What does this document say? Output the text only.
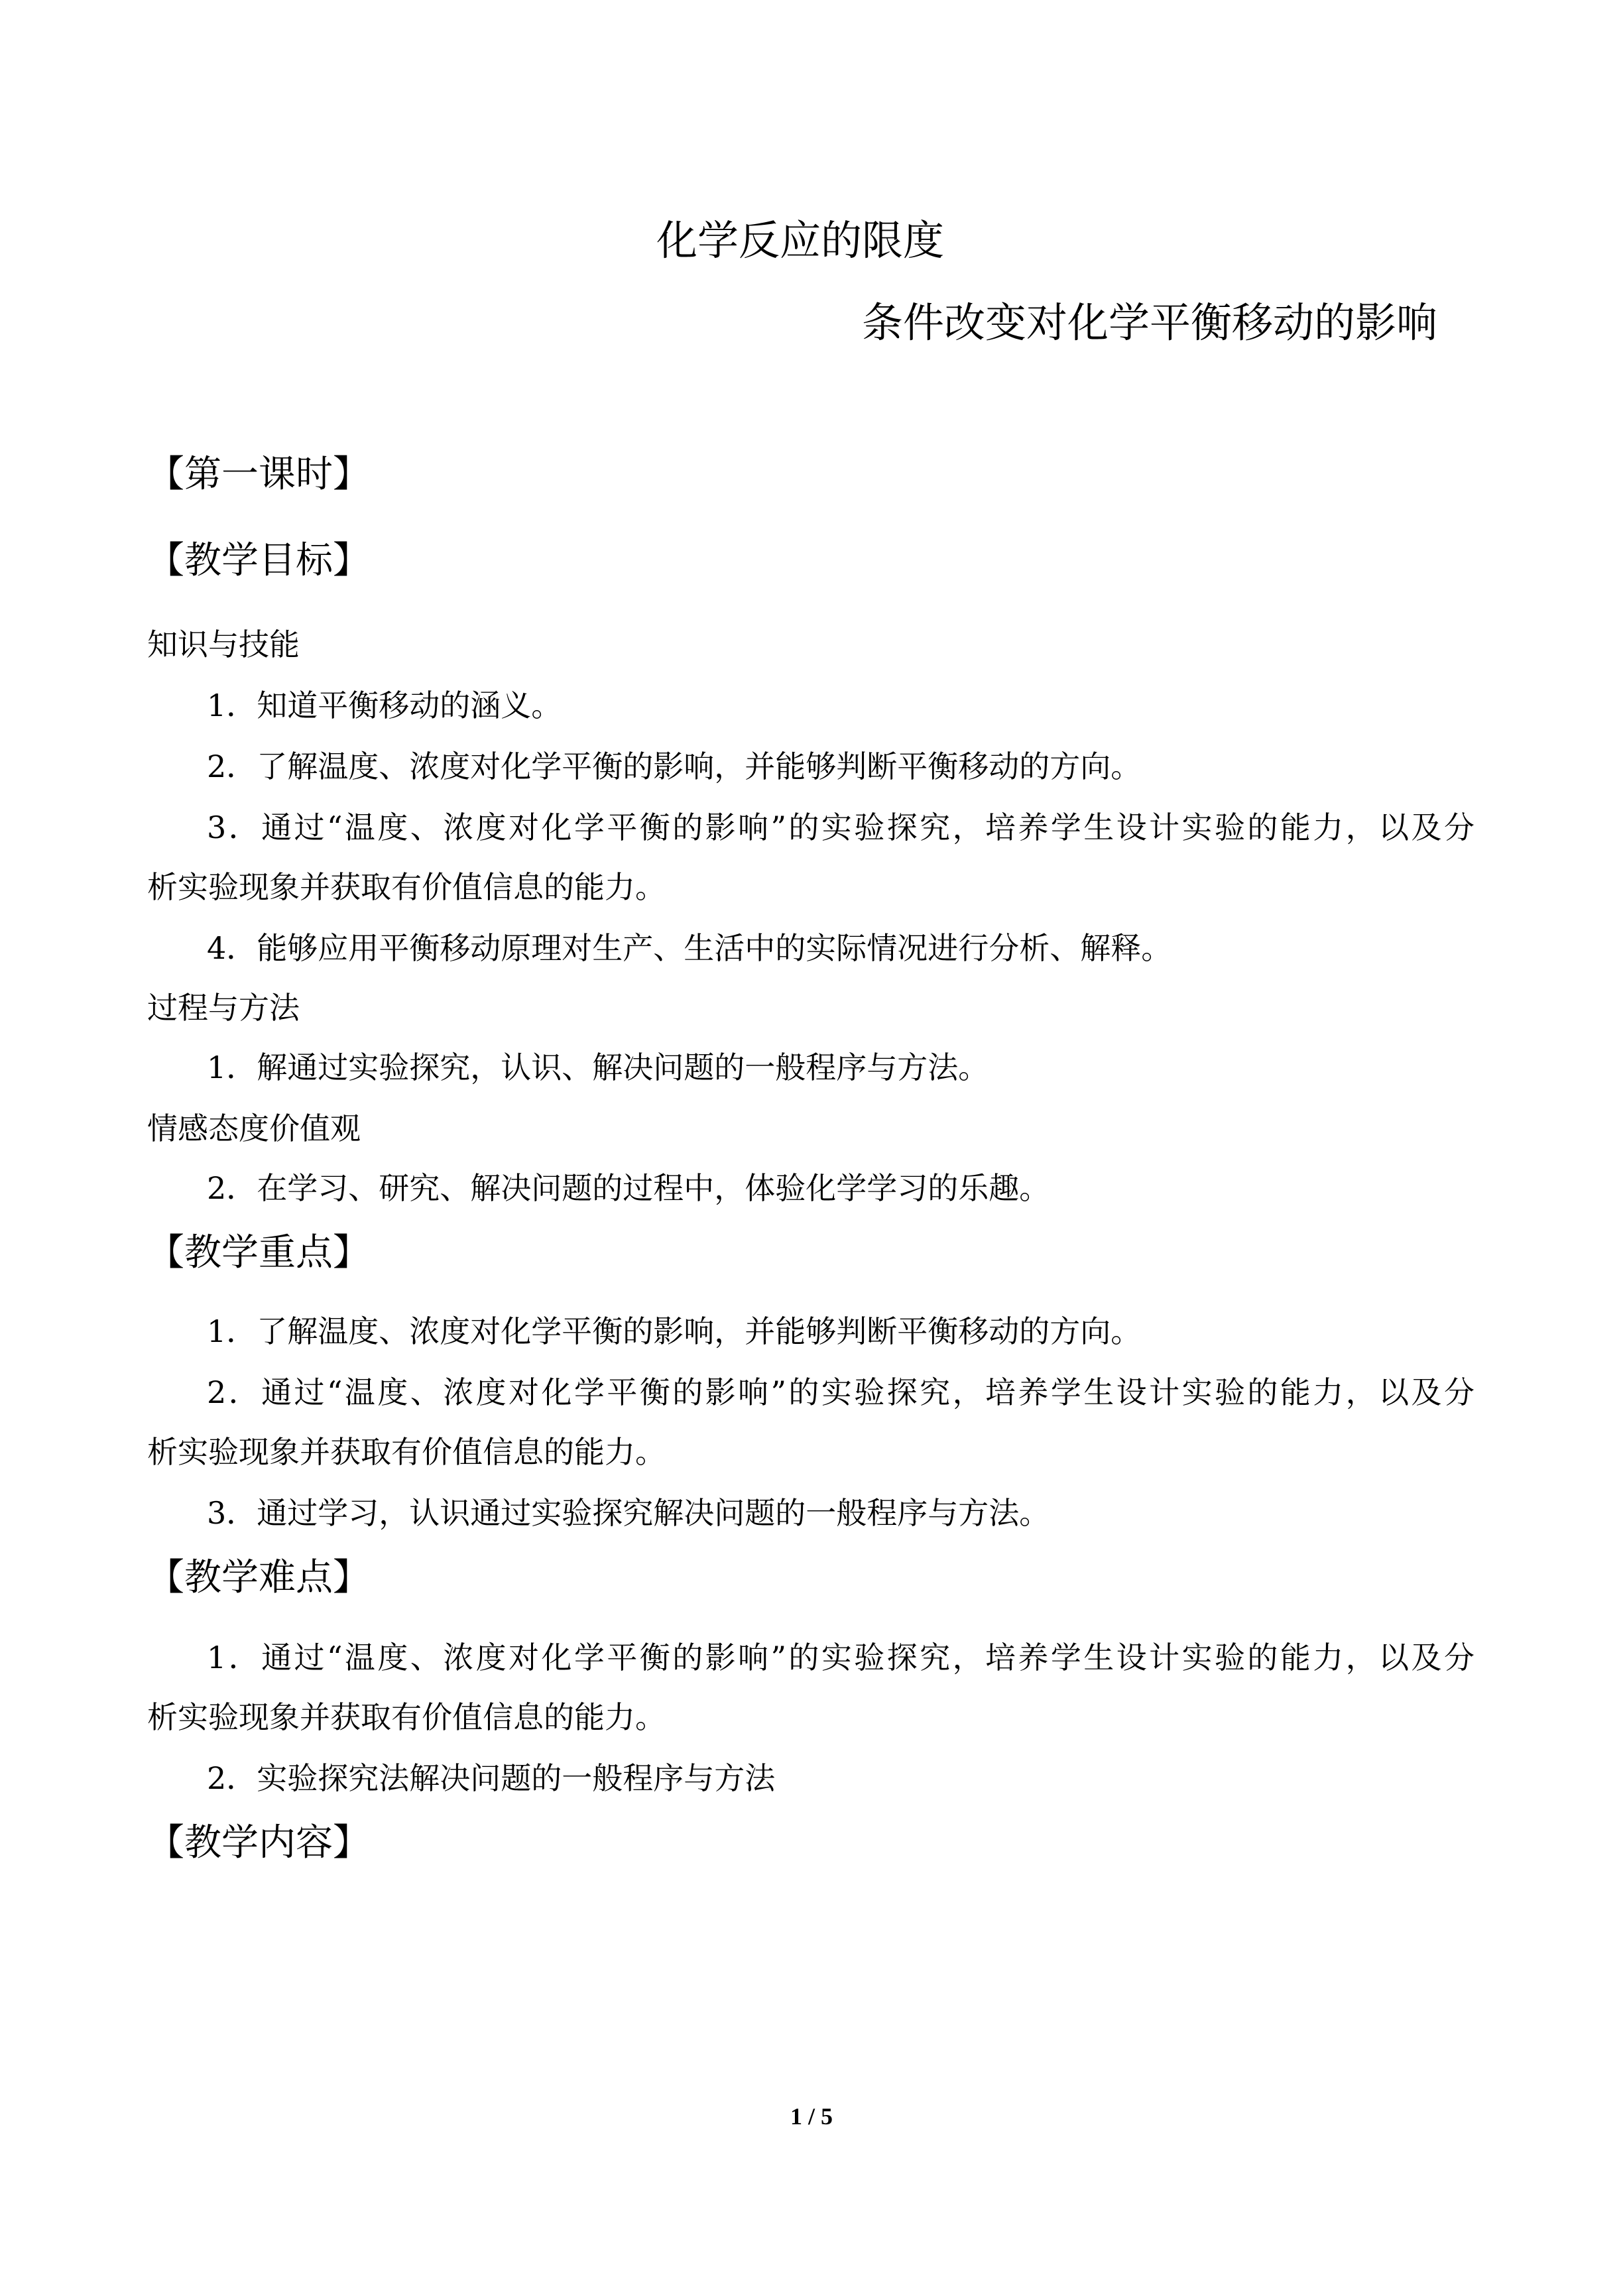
化学反应的限度
条件改变对化学平衡移动的影响
【第一课时】
【教学目标】
知识与技能
1．知道平衡移动的涵义。
2．了解温度、浓度对化学平衡的影响，并能够判断平衡移动的方向。
3．通过“温度、浓度对化学平衡的影响”的实验探究，培养学生设计实验的能力，以及分
析实验现象并获取有价值信息的能力。
4．能够应用平衡移动原理对生产、生活中的实际情况进行分析、解释。
过程与方法
1．解通过实验探究，认识、解决问题的一般程序与方法。
情感态度价值观
2．在学习、研究、解决问题的过程中，体验化学学习的乐趣。
【教学重点】
1．了解温度、浓度对化学平衡的影响，并能够判断平衡移动的方向。
2．通过“温度、浓度对化学平衡的影响”的实验探究，培养学生设计实验的能力，以及分
析实验现象并获取有价值信息的能力。
3．通过学习，认识通过实验探究解决问题的一般程序与方法。
【教学难点】
1．通过“温度、浓度对化学平衡的影响”的实验探究，培养学生设计实验的能力，以及分
析实验现象并获取有价值信息的能力。
2．实验探究法解决问题的一般程序与方法
【教学内容】
1 / 5
